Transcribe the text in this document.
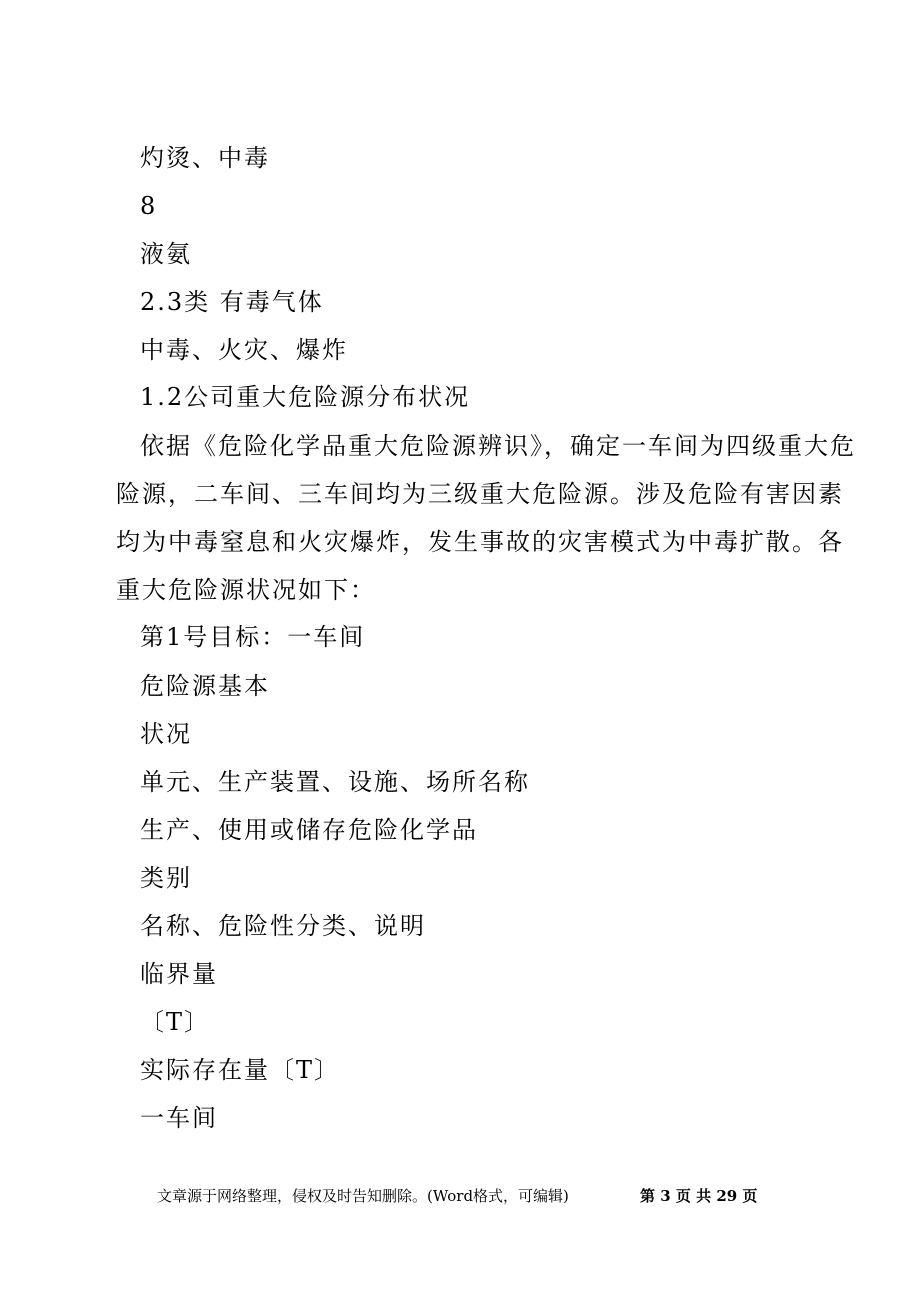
灼烫、中毒
8
液氨
2.3类 有毒气体
中毒、火灾、爆炸
1.2公司重大危险源分布状况
依据《危险化学品重大危险源辨识》，确定一车间为四级重大危
险源，二车间、三车间均为三级重大危险源。涉及危险有害因素
均为中毒窒息和火灾爆炸，发生事故的灾害模式为中毒扩散。各
重大危险源状况如下：
第1号目标：一车间
危险源基本
状况
单元、生产装置、设施、场所名称
生产、使用或储存危险化学品
类别
名称、危险性分类、说明
临界量
〔T〕
实际存在量〔T〕
一车间
文章源于网络整理，侵权及时告知删除。(Word格式，可编辑)	第 3 页 共 29 页
